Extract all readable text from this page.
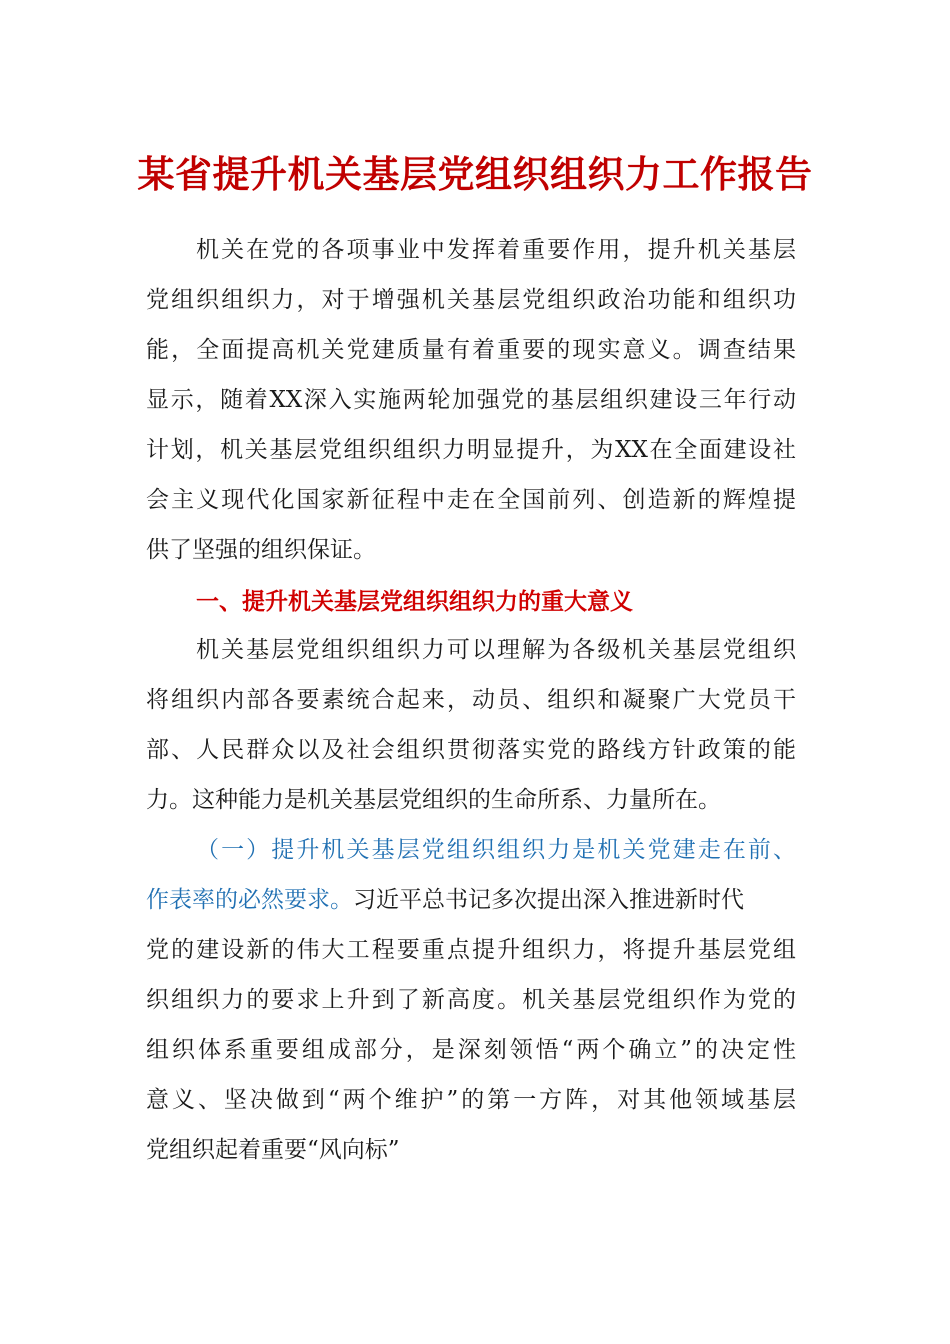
某省提升机关基层党组织组织力工作报告
机关在党的各项事业中发挥着重要作用，提升机关基层
党组织组织力，对于增强机关基层党组织政治功能和组织功
能，全面提高机关党建质量有着重要的现实意义。调查结果
显示，随着XX深入实施两轮加强党的基层组织建设三年行动
计划，机关基层党组织组织力明显提升，为XX在全面建设社
会主义现代化国家新征程中走在全国前列、创造新的辉煌提
供了坚强的组织保证。
一、提升机关基层党组织组织力的重大意义
机关基层党组织组织力可以理解为各级机关基层党组织
将组织内部各要素统合起来，动员、组织和凝聚广大党员干
部、人民群众以及社会组织贯彻落实党的路线方针政策的能
力。这种能力是机关基层党组织的生命所系、力量所在。
（一）提升机关基层党组织组织力是机关党建走在前、
作表率的必然要求。习近平总书记多次提出深入推进新时代
党的建设新的伟大工程要重点提升组织力，将提升基层党组
织组织力的要求上升到了新高度。机关基层党组织作为党的
组织体系重要组成部分，是深刻领悟“两个确立”的决定性
意义、坚决做到“两个维护”的第一方阵，对其他领域基层
党组织起着重要“风向标”
